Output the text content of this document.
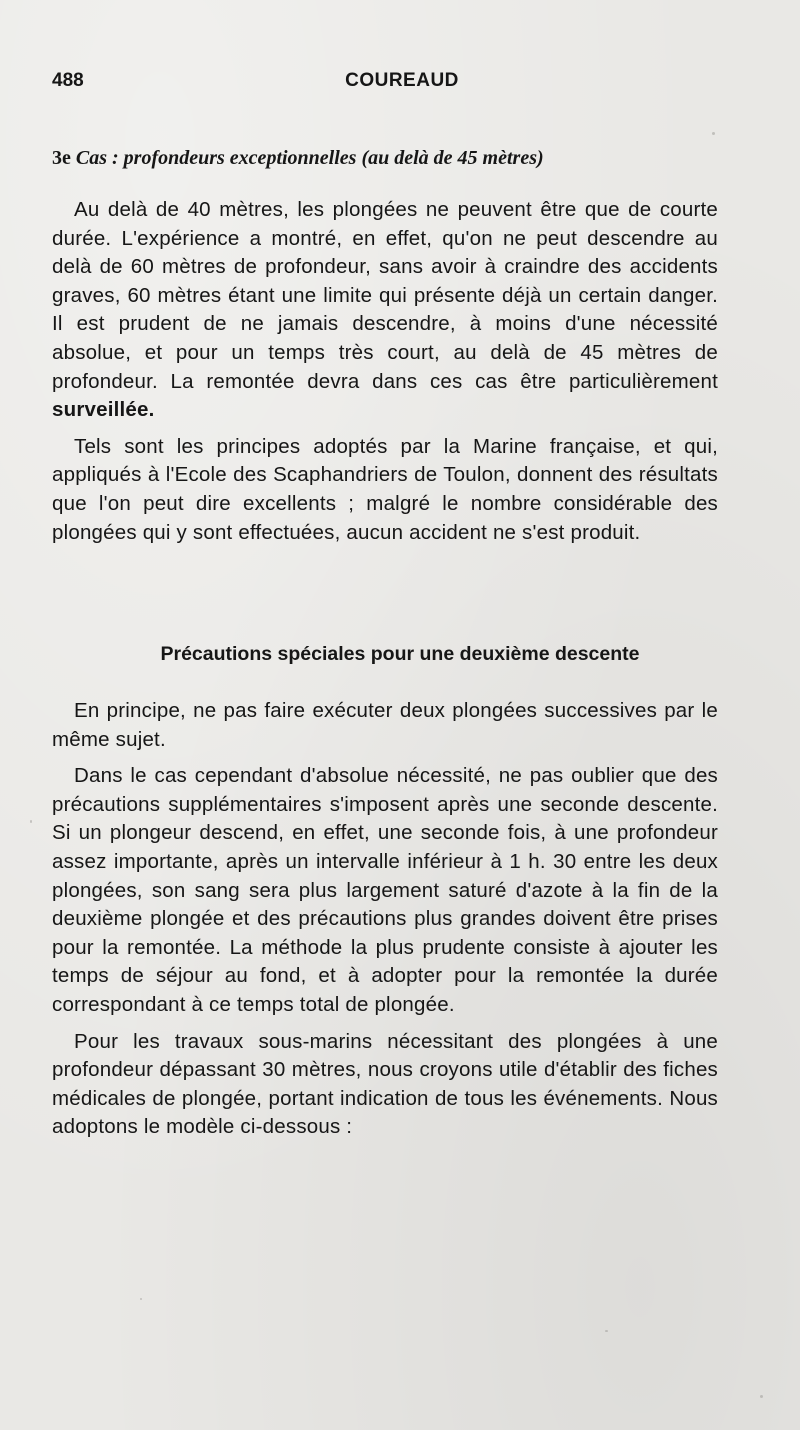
488	COUREAUD
3e Cas : profondeurs exceptionnelles (au delà de 45 mètres)

Au delà de 40 mètres, les plongées ne peuvent être que de courte durée. L'expérience a montré, en effet, qu'on ne peut descendre au delà de 60 mètres de profondeur, sans avoir à craindre des accidents graves, 60 mètres étant une limite qui présente déjà un certain danger. Il est prudent de ne jamais descendre, à moins d'une nécessité absolue, et pour un temps très court, au delà de 45 mètres de profondeur. La remontée devra dans ces cas être particulièrement surveillée.

Tels sont les principes adoptés par la Marine française, et qui, appliqués à l'Ecole des Scaphandriers de Toulon, donnent des résultats que l'on peut dire excellents ; malgré le nombre considérable des plongées qui y sont effectuées, aucun accident ne s'est produit.

Précautions spéciales pour une deuxième descente

En principe, ne pas faire exécuter deux plongées successives par le même sujet.

Dans le cas cependant d'absolue nécessité, ne pas oublier que des précautions supplémentaires s'imposent après une seconde descente. Si un plongeur descend, en effet, une seconde fois, à une profondeur assez importante, après un intervalle inférieur à 1 h. 30 entre les deux plongées, son sang sera plus largement saturé d'azote à la fin de la deuxième plongée et des précautions plus grandes doivent être prises pour la remontée. La méthode la plus prudente consiste à ajouter les temps de séjour au fond, et à adopter pour la remontée la durée correspondant à ce temps total de plongée.

Pour les travaux sous-marins nécessitant des plongées à une profondeur dépassant 30 mètres, nous croyons utile d'établir des fiches médicales de plongée, portant indication de tous les événements. Nous adoptons le modèle ci-dessous :
